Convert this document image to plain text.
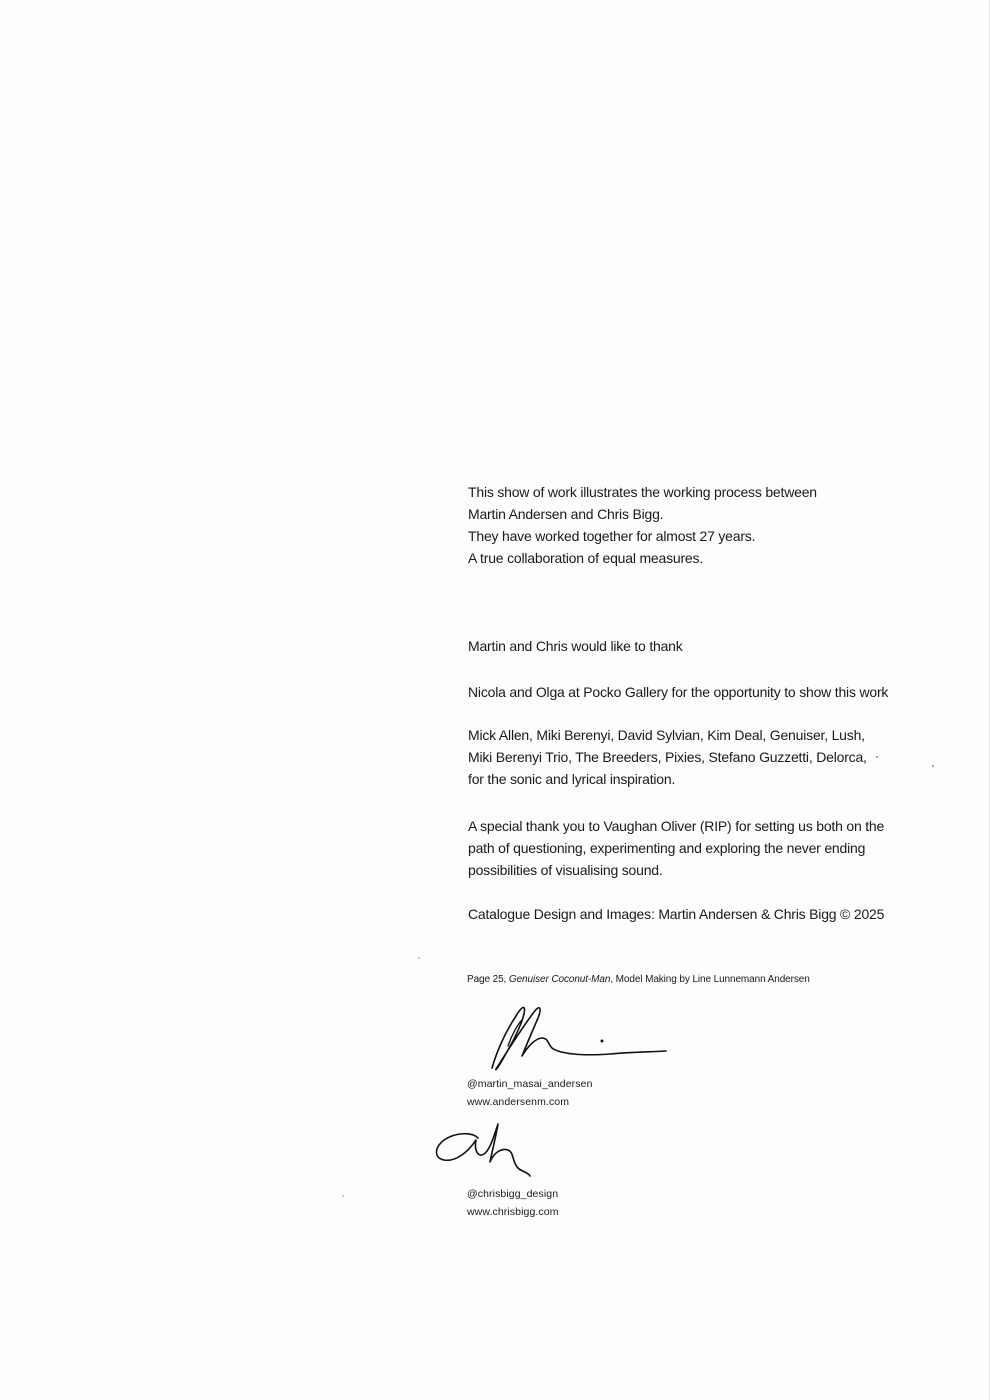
This show of work illustrates the working process between

Martin Andersen and Chris Bigg.

They have worked together for almost 27 years.

A true collaboration of equal measures.

Martin and Chris would like to thank

Nicola and Olga at Pocko Gallery for the opportunity to show this work

Mick Allen, Miki Berenyi, David Sylvian, Kim Deal, Genuiser, Lush,

Miki Berenyi Trio, The Breeders, Pixies, Stefano Guzzetti, Delorca,

for the sonic and lyrical inspiration.

A special thank you to Vaughan Oliver (RIP) for setting us both on the

path of questioning, experimenting and exploring the never ending

possibilities of visualising sound.

Catalogue Design and Images: Martin Andersen & Chris Bigg © 2025

Page 25, Genuiser Coconut-Man, Model Making by Line Lunnemann Andersen
@martin_masai_andersen
www.andersenm.com
@chrisbigg_design
www.chrisbigg.com
